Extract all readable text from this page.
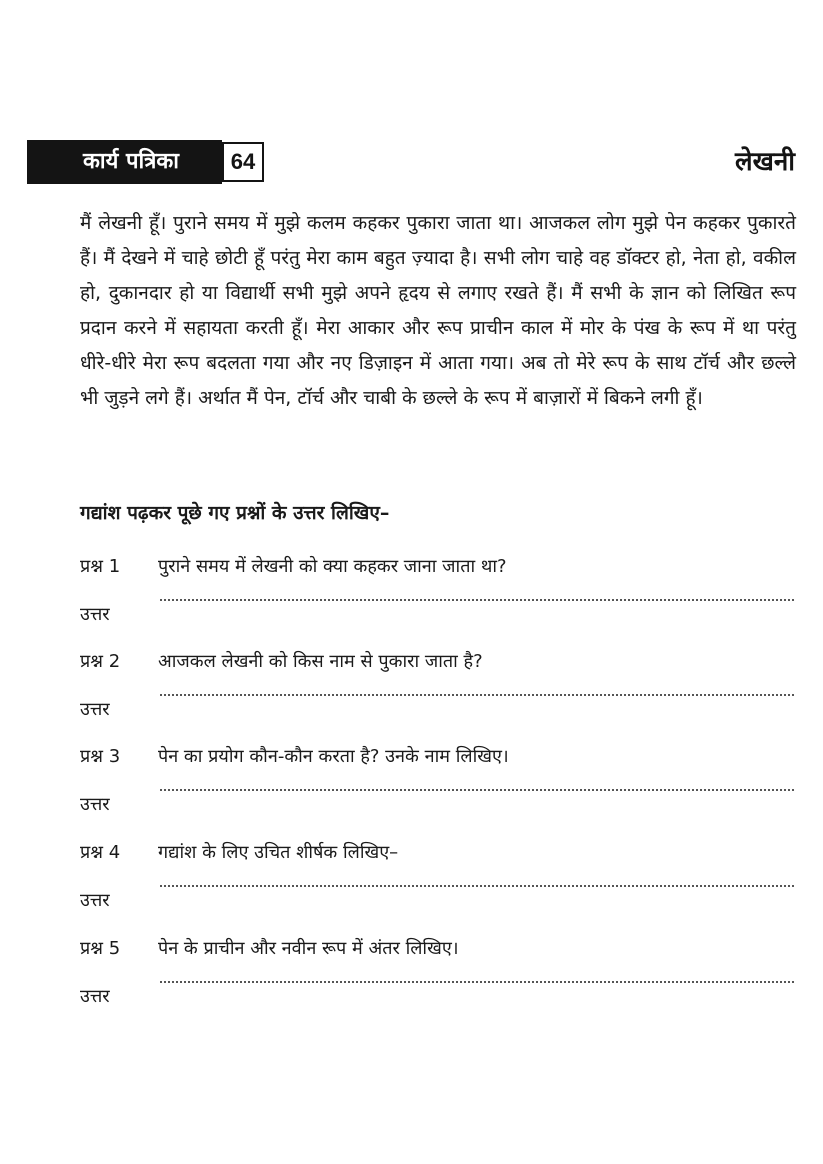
कार्य पत्रिका	64	लेखनी
मैं लेखनी हूँ। पुराने समय में मुझे कलम कहकर पुकारा जाता था। आजकल लोग मुझे पेन कहकर पुकारते हैं। मैं देखने में चाहे छोटी हूँ परंतु मेरा काम बहुत ज़्यादा है। सभी लोग चाहे वह डॉक्टर हो, नेता हो, वकील हो, दुकानदार हो या विद्यार्थी सभी मुझे अपने हृदय से लगाए रखते हैं। मैं सभी के ज्ञान को लिखित रूप प्रदान करने में सहायता करती हूँ। मेरा आकार और रूप प्राचीन काल में मोर के पंख के रूप में था परंतु धीरे-धीरे मेरा रूप बदलता गया और नए डिज़ाइन में आता गया। अब तो मेरे रूप के साथ टॉर्च और छल्ले भी जुड़ने लगे हैं। अर्थात मैं पेन, टॉर्च और चाबी के छल्ले के रूप में बाज़ारों में बिकने लगी हूँ।
गद्यांश पढ़कर पूछे गए प्रश्नों के उत्तर लिखिए–
प्रश्न 1 पुराने समय में लेखनी को क्या कहकर जाना जाता था?
उत्तर
प्रश्न 2 आजकल लेखनी को किस नाम से पुकारा जाता है?
उत्तर
प्रश्न 3 पेन का प्रयोग कौन-कौन करता है? उनके नाम लिखिए।
उत्तर
प्रश्न 4 गद्यांश के लिए उचित शीर्षक लिखिए–
उत्तर
प्रश्न 5 पेन के प्राचीन और नवीन रूप में अंतर लिखिए।
उत्तर
